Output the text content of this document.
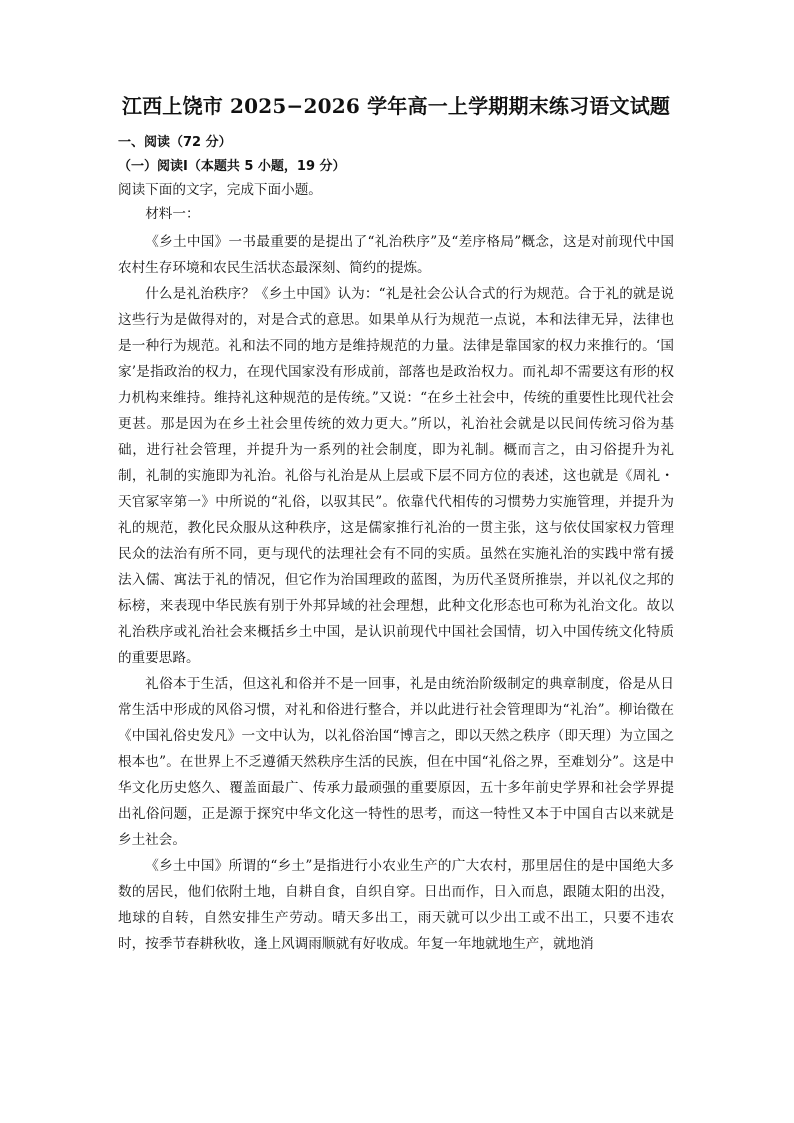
江西上饶市 2025−2026 学年高一上学期期末练习语文试题

一、阅读（72 分）

（一）阅读Ⅰ（本题共 5 小题，19 分）

阅读下面的文字，完成下面小题。

材料一：

《乡土中国》一书最重要的是提出了“礼治秩序”及“差序格局”概念，这是对前现代中国农村生存环境和农民生活状态最深刻、简约的提炼。

什么是礼治秩序？《乡土中国》认为：“礼是社会公认合式的行为规范。合于礼的就是说这些行为是做得对的，对是合式的意思。如果单从行为规范一点说，本和法律无异，法律也是一种行为规范。礼和法不同的地方是维持规范的力量。法律是靠国家的权力来推行的。‘国家’是指政治的权力，在现代国家没有形成前，部落也是政治权力。而礼却不需要这有形的权力机构来维持。维持礼这种规范的是传统。”又说：“在乡土社会中，传统的重要性比现代社会更甚。那是因为在乡土社会里传统的效力更大。”所以，礼治社会就是以民间传统习俗为基础，进行社会管理，并提升为一系列的社会制度，即为礼制。概而言之，由习俗提升为礼制，礼制的实施即为礼治。礼俗与礼治是从上层或下层不同方位的表述，这也就是《周礼・天官冢宰第一》中所说的“礼俗，以驭其民”。依靠代代相传的习惯势力实施管理，并提升为礼的规范，教化民众服从这种秩序，这是儒家推行礼治的一贯主张，这与依仗国家权力管理民众的法治有所不同，更与现代的法理社会有不同的实质。虽然在实施礼治的实践中常有援法入儒、寓法于礼的情况，但它作为治国理政的蓝图，为历代圣贤所推崇，并以礼仪之邦的标榜，来表现中华民族有别于外邦异域的社会理想，此种文化形态也可称为礼治文化。故以礼治秩序或礼治社会来概括乡土中国，是认识前现代中国社会国情，切入中国传统文化特质的重要思路。

礼俗本于生活，但这礼和俗并不是一回事，礼是由统治阶级制定的典章制度，俗是从日常生活中形成的风俗习惯，对礼和俗进行整合，并以此进行社会管理即为“礼治”。柳诒徵在《中国礼俗史发凡》一文中认为，以礼俗治国“博言之，即以天然之秩序（即天理）为立国之根本也”。在世界上不乏遵循天然秩序生活的民族，但在中国“礼俗之界，至难划分”。这是中华文化历史悠久、覆盖面最广、传承力最顽强的重要原因，五十多年前史学界和社会学界提出礼俗问题，正是源于探究中华文化这一特性的思考，而这一特性又本于中国自古以来就是乡土社会。

《乡土中国》所谓的“乡土”是指进行小农业生产的广大农村，那里居住的是中国绝大多数的居民，他们依附土地，自耕自食，自织自穿。日出而作，日入而息，跟随太阳的出没，地球的自转，自然安排生产劳动。晴天多出工，雨天就可以少出工或不出工，只要不违农时，按季节春耕秋收，逢上风调雨顺就有好收成。年复一年地就地生产，就地消
